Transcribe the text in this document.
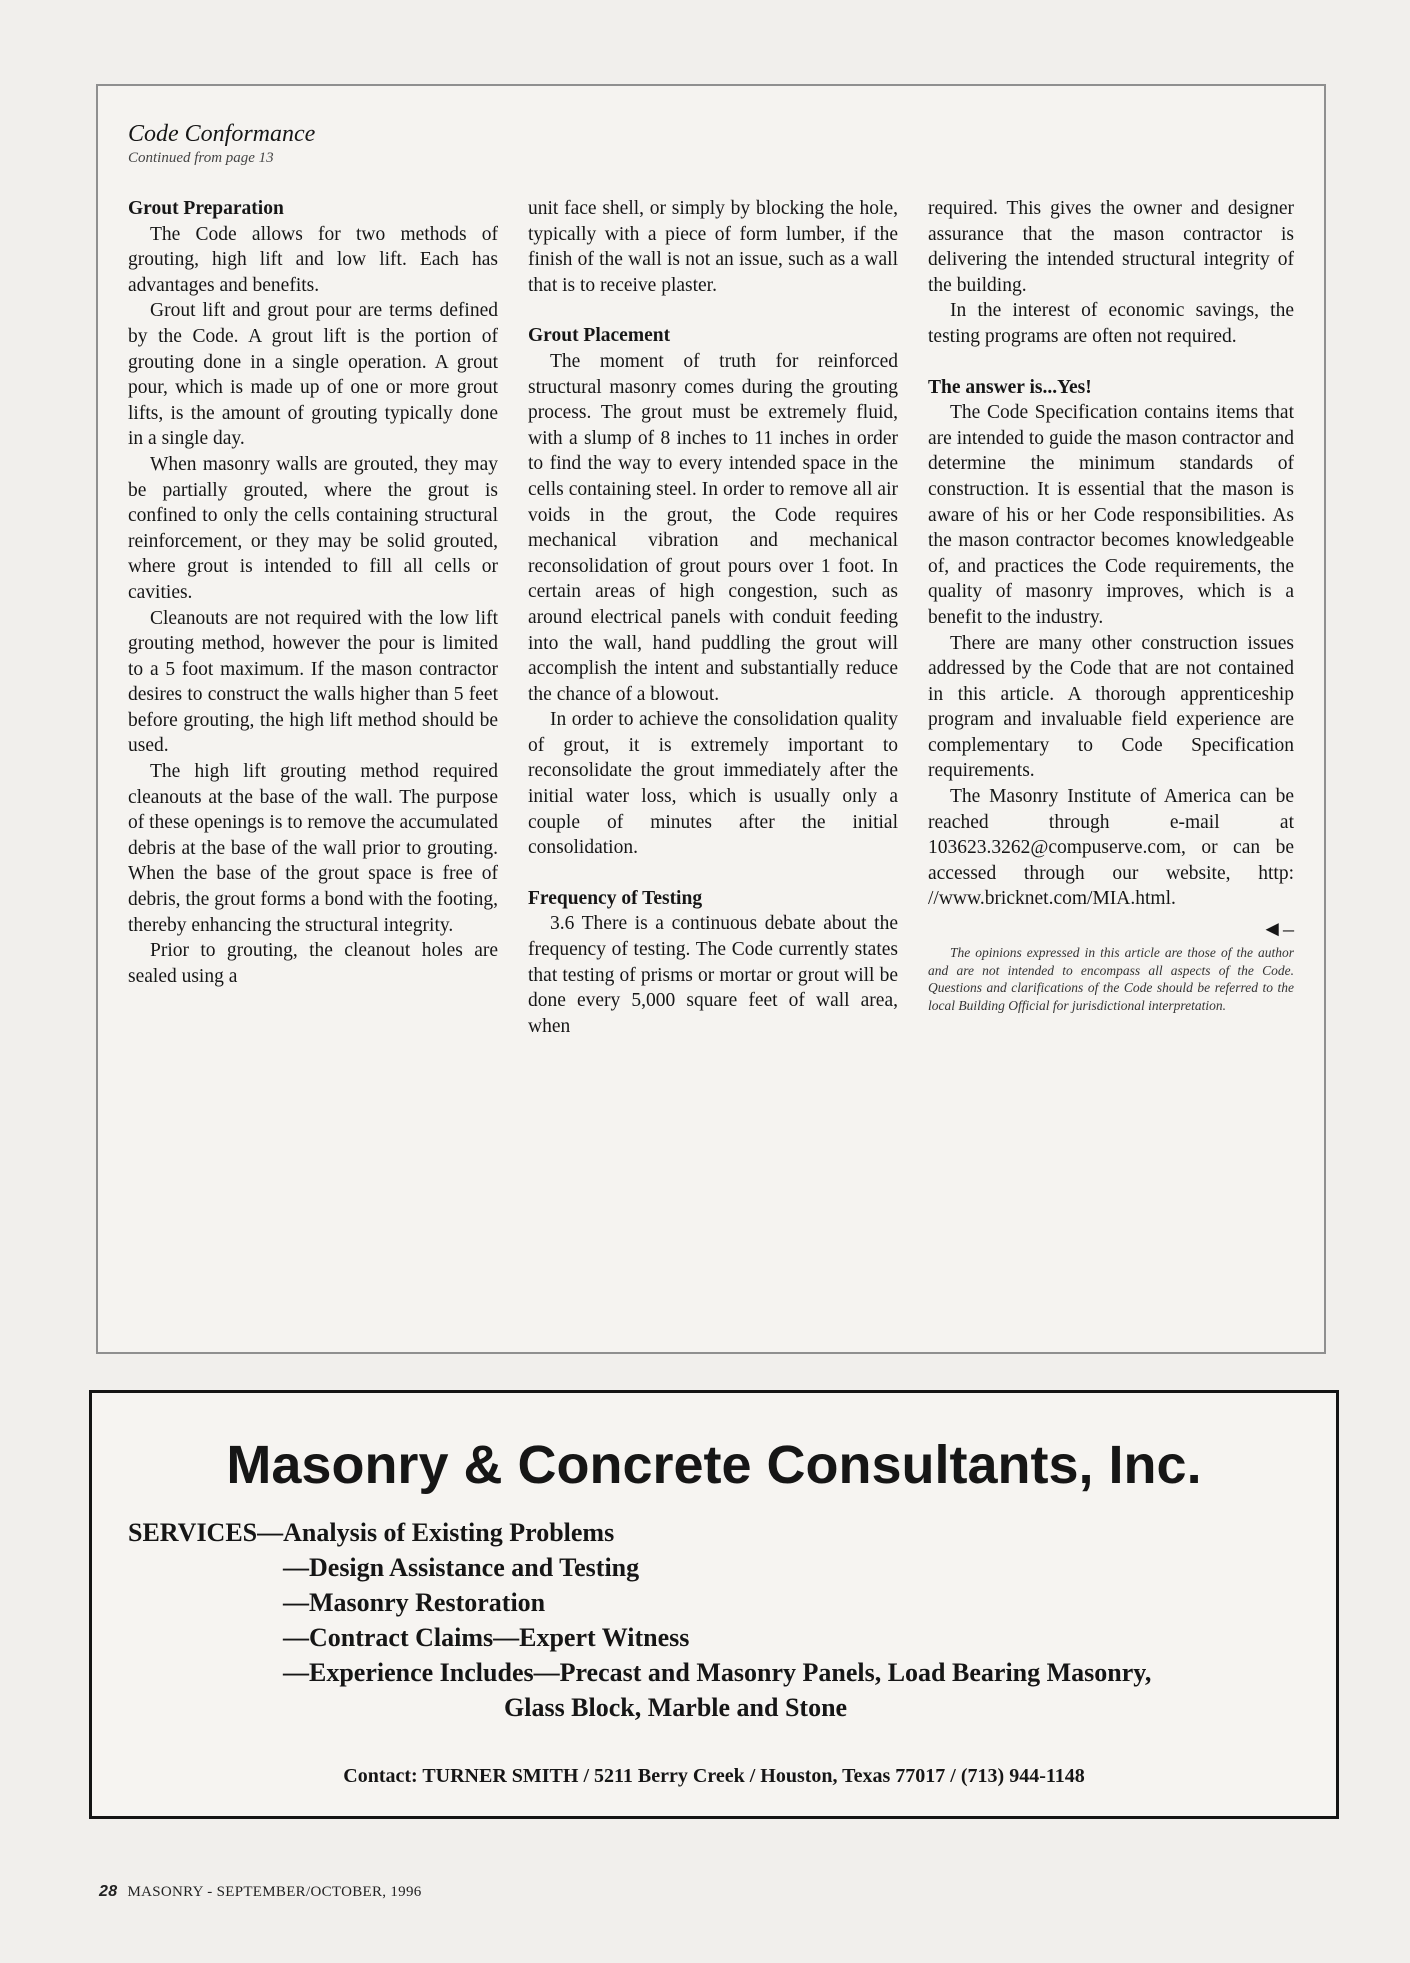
Code Conformance

Continued from page 13

Grout Preparation

The Code allows for two methods of grouting, high lift and low lift. Each has advantages and benefits.

Grout lift and grout pour are terms defined by the Code. A grout lift is the portion of grouting done in a single operation. A grout pour, which is made up of one or more grout lifts, is the amount of grouting typically done in a single day.

When masonry walls are grouted, they may be partially grouted, where the grout is confined to only the cells containing structural reinforcement, or they may be solid grouted, where grout is intended to fill all cells or cavities.

Cleanouts are not required with the low lift grouting method, however the pour is limited to a 5 foot maximum. If the mason contractor desires to construct the walls higher than 5 feet before grouting, the high lift method should be used.

The high lift grouting method required cleanouts at the base of the wall. The purpose of these openings is to remove the accumulated debris at the base of the wall prior to grouting. When the base of the grout space is free of debris, the grout forms a bond with the footing, thereby enhancing the structural integrity.

Prior to grouting, the cleanout holes are sealed using a

unit face shell, or simply by blocking the hole, typically with a piece of form lumber, if the finish of the wall is not an issue, such as a wall that is to receive plaster.

Grout Placement

The moment of truth for reinforced structural masonry comes during the grouting process. The grout must be extremely fluid, with a slump of 8 inches to 11 inches in order to find the way to every intended space in the cells containing steel. In order to remove all air voids in the grout, the Code requires mechanical vibration and mechanical reconsolidation of grout pours over 1 foot. In certain areas of high congestion, such as around electrical panels with conduit feeding into the wall, hand puddling the grout will accomplish the intent and substantially reduce the chance of a blowout.

In order to achieve the consolidation quality of grout, it is extremely important to reconsolidate the grout immediately after the initial water loss, which is usually only a couple of minutes after the initial consolidation.

Frequency of Testing

3.6 There is a continuous debate about the frequency of testing. The Code currently states that testing of prisms or mortar or grout will be done every 5,000 square feet of wall area, when

required. This gives the owner and designer assurance that the mason contractor is delivering the intended structural integrity of the building.

In the interest of economic savings, the testing programs are often not required.

The answer is...Yes!

The Code Specification contains items that are intended to guide the mason contractor and determine the minimum standards of construction. It is essential that the mason is aware of his or her Code responsibilities. As the mason contractor becomes knowledgeable of, and practices the Code requirements, the quality of masonry improves, which is a benefit to the industry.

There are many other construction issues addressed by the Code that are not contained in this article. A thorough apprenticeship program and invaluable field experience are complementary to Code Specification requirements.

The Masonry Institute of America can be reached through e-mail at 103623.3262@compuserve.com, or can be accessed through our website, http: //www.bricknet.com/MIA.html.

◄–

The opinions expressed in this article are those of the author and are not intended to encompass all aspects of the Code. Questions and clarifications of the Code should be referred to the local Building Official for jurisdictional interpretation.

Masonry & Concrete Consultants, Inc.
SERVICES—Analysis of Existing Problems
—Design Assistance and Testing
—Masonry Restoration
—Contract Claims—Expert Witness
—Experience Includes—Precast and Masonry Panels, Load Bearing Masonry,
Glass Block, Marble and Stone

Contact: TURNER SMITH / 5211 Berry Creek / Houston, Texas 77017 / (713) 944-1148

28 MASONRY - SEPTEMBER/OCTOBER, 1996
